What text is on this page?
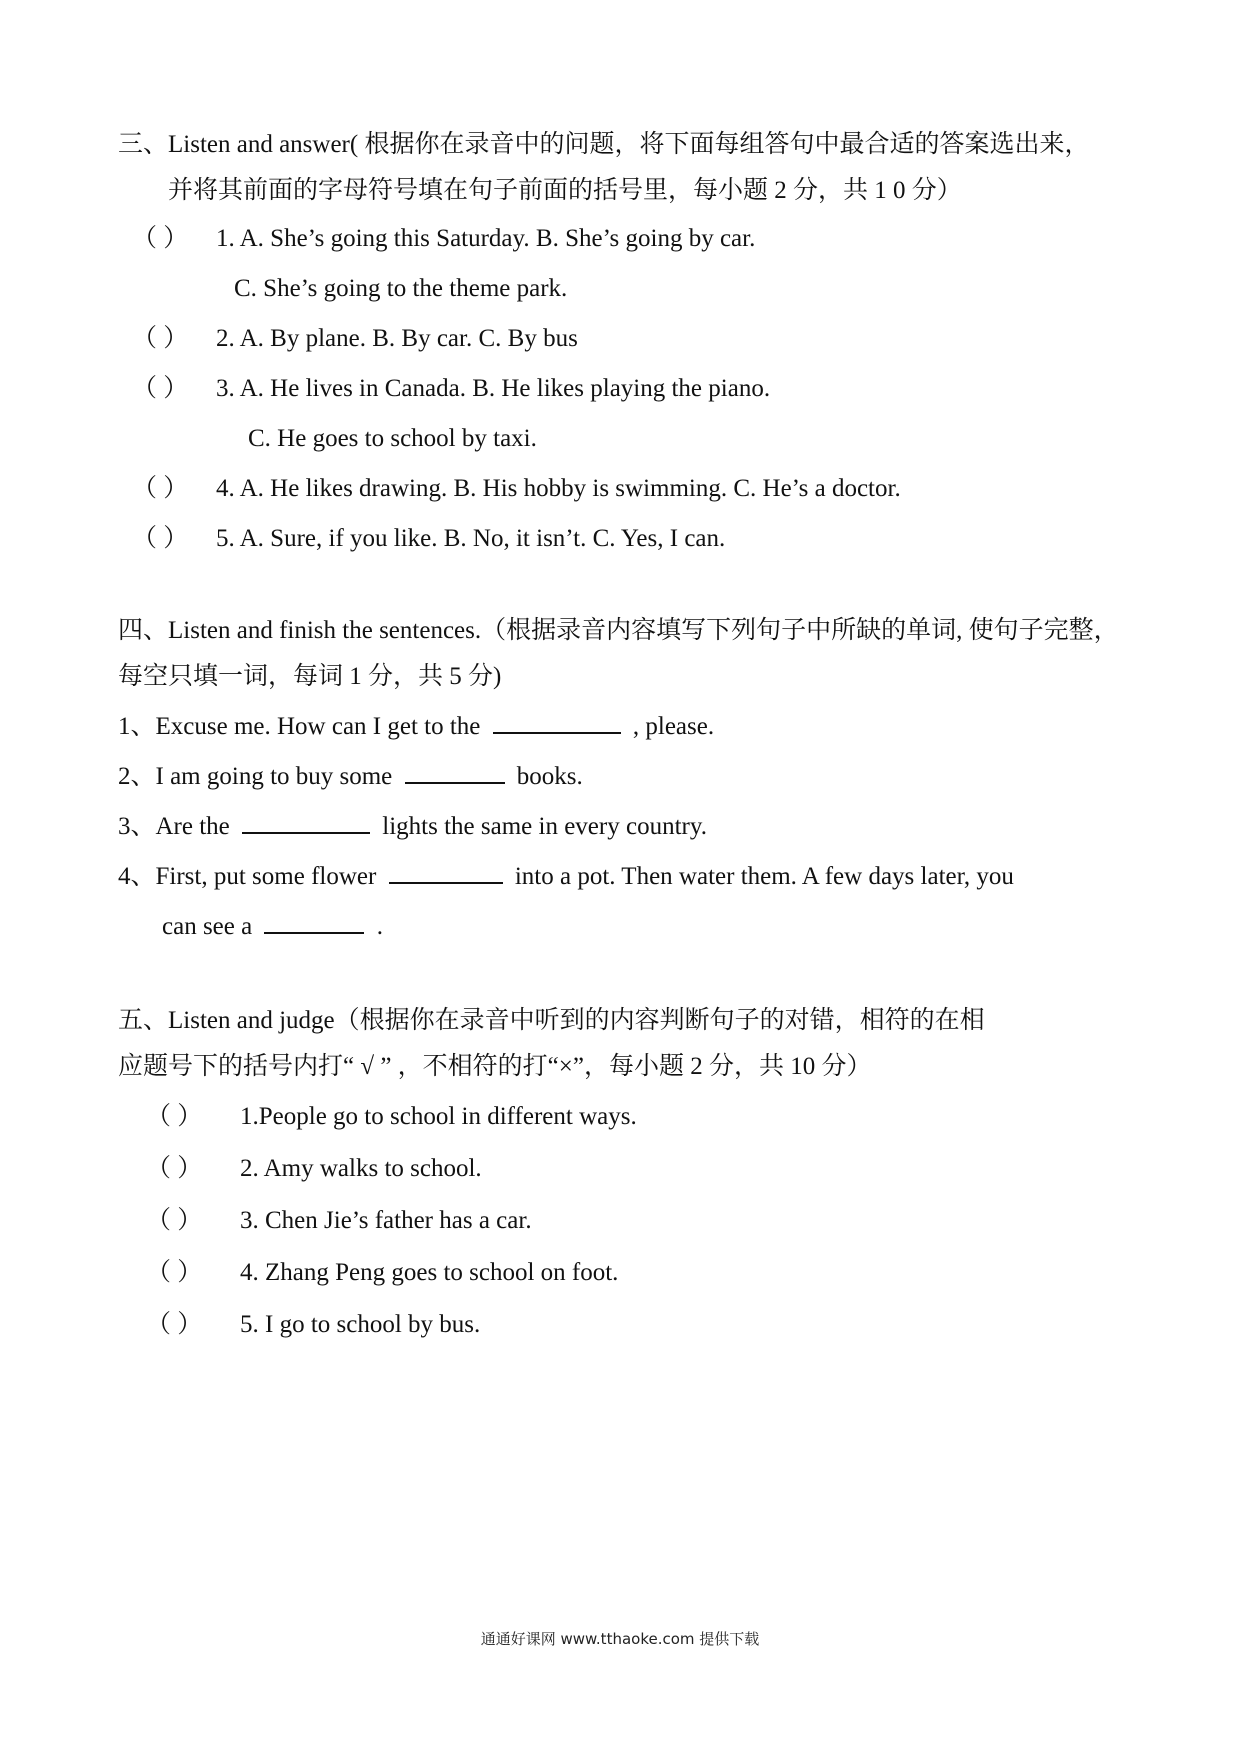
三、Listen and answer( 根据你在录音中的问题，将下面每组答句中最合适的答案选出来，
并将其前面的字母符号填在句子前面的括号里，每小题 2 分，共 1 0 分）
（ ） 1. A. She’s going this Saturday. B. She’s going by car.
C. She’s going to the theme park.
（ ） 2. A. By plane. B. By car. C. By bus
（ ） 3. A. He lives in Canada. B. He likes playing the piano.
C. He goes to school by taxi.
（ ） 4. A. He likes drawing. B. His hobby is swimming. C. He’s a doctor.
（ ） 5. A. Sure, if you like. B. No, it isn’t. C. Yes, I can.
四、Listen and finish the sentences.（根据录音内容填写下列句子中所缺的单词, 使句子完整，
每空只填一词，每词 1 分，共 5 分)
1、Excuse me. How can I get to the	, please.
2、I am going to buy some	books.
3、Are the	lights the same in every country.
4、First, put some flower	into a pot. Then water them. A few days later, you
can see a	.
五、Listen and judge（根据你在录音中听到的内容判断句子的对错，相符的在相
应题号下的括号内打“ √ ” ，不相符的打“×”，每小题 2 分，共 10 分）
（ ） 1.People go to school in different ways.
（ ） 2. Amy walks to school.
（ ） 3. Chen Jie’s father has a car.
（ ） 4. Zhang Peng goes to school on foot.
（ ） 5. I go to school by bus.
通通好课网 www.tthaoke.com 提供下载
